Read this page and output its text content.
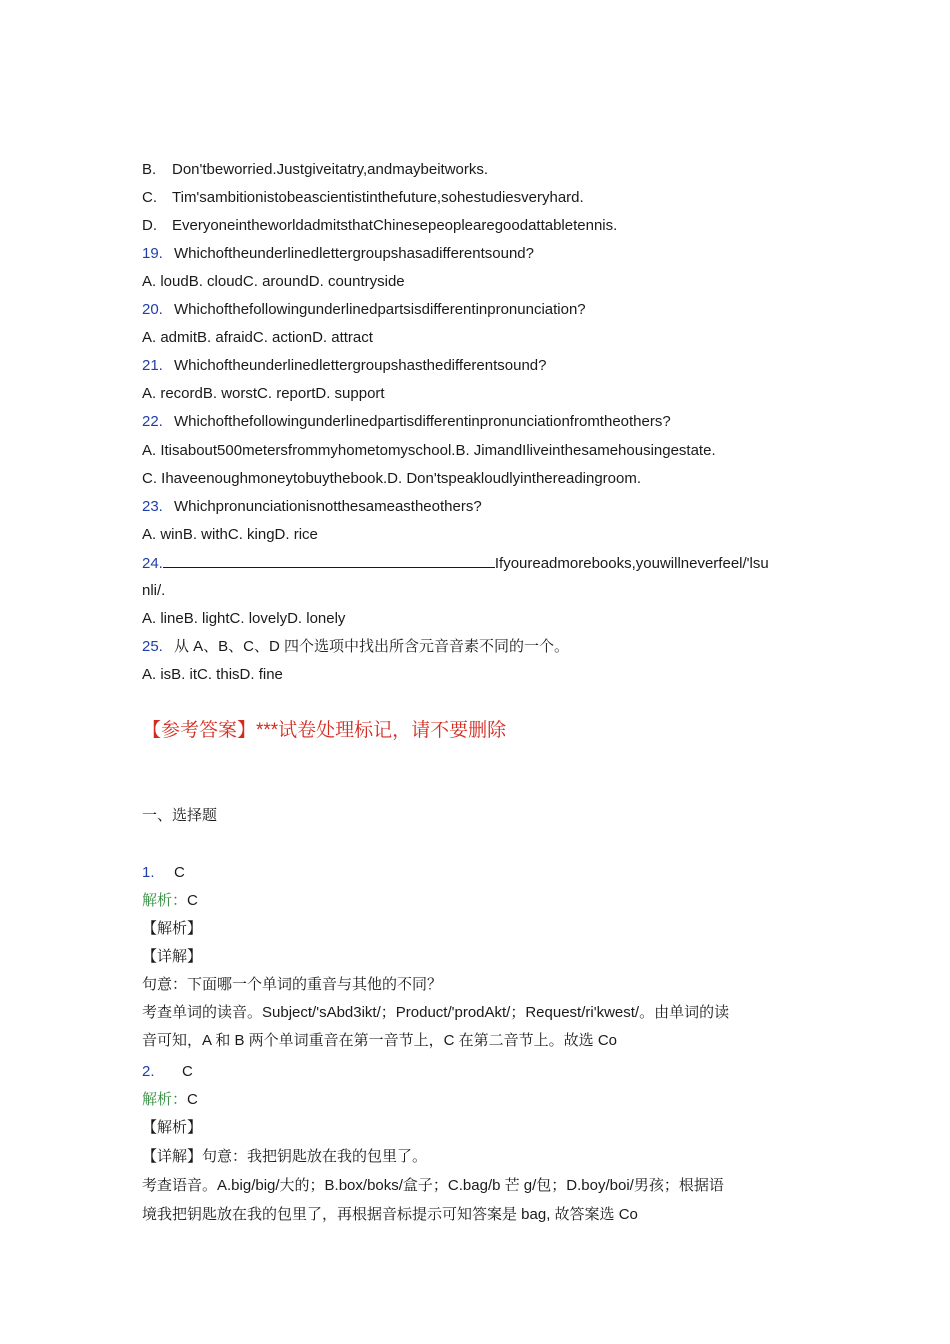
B. Don'tbeworried.Justgiveitatry,andmaybeitworks.
C. Tim'sambitionistobeascientistinthefuture,sohestudiesveryhard.
D. EveryoneintheworldadmitsthatChinesepeoplearegoodattabletennis.
19. Whichoftheunderlinedlettergroupshasadifferentsound?
A. loudB. cloudC. aroundD. countryside
20. Whichofthefollowingunderlinedpartsisdifferentinpronunciation?
A. admitB. afraidC. actionD. attract
21. Whichoftheunderlinedlettergroupshasthedifferentsound?
A. recordB. worstC. reportD. support
22. Whichofthefollowingunderlinedpartisdifferentinpronunciationfromtheothers?
A. Itisabout500metersfrommyhometomyschool.B. JimandIliveinthesamehousingestate.
C. Ihaveenoughmoneytobuythebook.D. Don'tspeakloudlyinthereadingroom.
23. Whichpronunciationisnotthesameastheothers?
A. winB. withC. kingD. rice
24.	Ifyoureadmorebooks,youwillneverfeel/'lsu
nli/.
A. lineB. lightC. lovelyD. lonely
25. 从 A、B、C、D 四个选项中找出所含元音音素不同的一个。
A. isB. itC. thisD. fine
【参考答案】***试卷处理标记，请不要删除
一、选择题
1. C
解析：C
【解析】
【详解】
句意：下面哪一个单词的重音与其他的不同？
考查单词的读音。Subject/'sAbd3ikt/；Product/'prodAkt/；Request/ri'kwest/。由单词的读
音可知，A 和 B 两个单词重音在第一音节上，C 在第二音节上。故选 Co
2. C
解析：C
【解析】
【详解】句意：我把钥匙放在我的包里了。
考查语音。A.big/big/大的；B.box/boks/盒子；C.bag/b 芒 g/包；D.boy/boi/男孩；根据语
境我把钥匙放在我的包里了，再根据音标提示可知答案是 bag, 故答案选 Co
